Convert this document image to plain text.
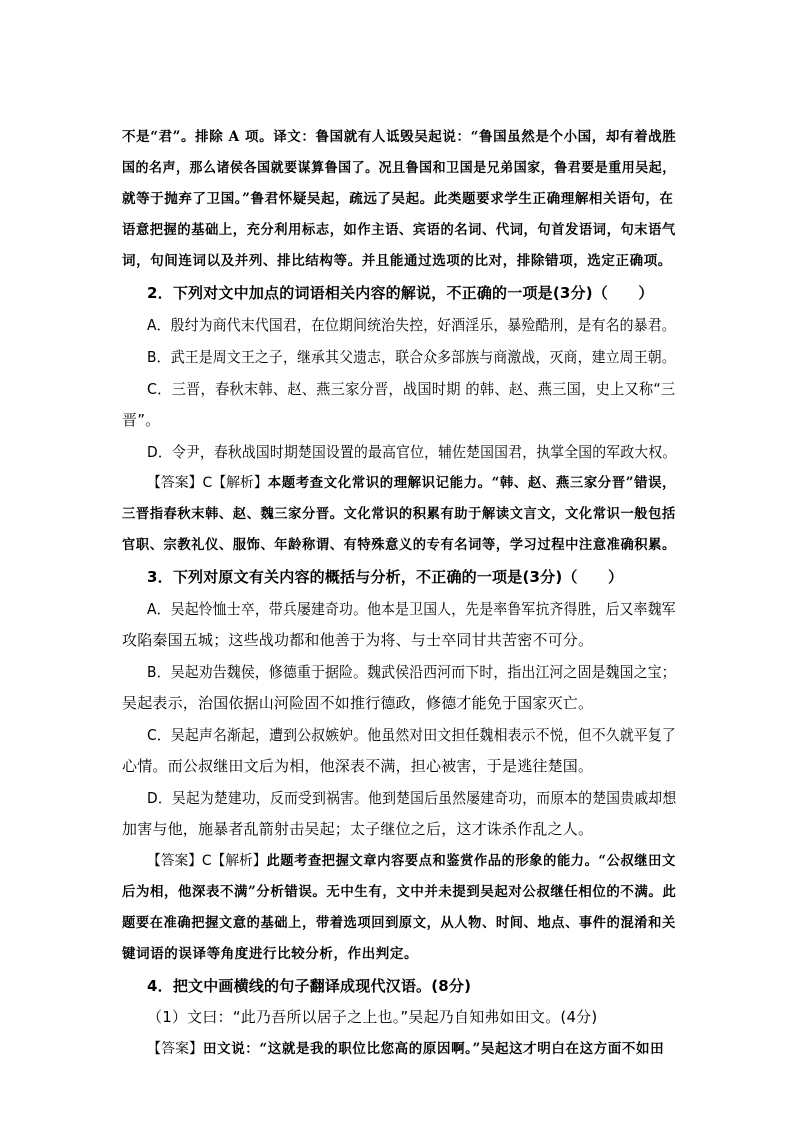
不是“君”。排除 A 项。译文：鲁国就有人诋毁吴起说：“鲁国虽然是个小国，却有着战胜
国的名声，那么诸侯各国就要谋算鲁国了。况且鲁国和卫国是兄弟国家，鲁君要是重用吴起，
就等于抛弃了卫国。”鲁君怀疑吴起，疏远了吴起。此类题要求学生正确理解相关语句，在
语意把握的基础上，充分利用标志，如作主语、宾语的名词、代词，句首发语词，句末语气
词，句间连词以及并列、排比结构等。并且能通过选项的比对，排除错项，选定正确项。
2．下列对文中加点的词语相关内容的解说，不正确的一项是(3分)（　　）
A．殷纣为商代末代国君，在位期间统治失控，好酒淫乐，暴殓酷刑，是有名的暴君。
B．武王是周文王之子，继承其父遗志，联合众多部族与商激战，灭商，建立周王朝。
C．三晋，春秋末韩、赵、燕三家分晋，战国时期 的韩、赵、燕三国，史上又称“三
晋”。
D．令尹，春秋战国时期楚国设置的最高官位，辅佐楚国国君，执掌全国的军政大权。
【答案】C【解析】本题考查文化常识的理解识记能力。“韩、赵、燕三家分晋”错误，
三晋指春秋末韩、赵、魏三家分晋。文化常识的积累有助于解读文言文，文化常识一般包括
官职、宗教礼仪、服饰、年龄称谓、有特殊意义的专有名词等，学习过程中注意准确积累。
3．下列对原文有关内容的概括与分析，不正确的一项是(3分)（　　）
A．吴起怜恤士卒，带兵屡建奇功。他本是卫国人，先是率鲁军抗齐得胜，后又率魏军
攻陷秦国五城；这些战功都和他善于为将、与士卒同甘共苦密不可分。
B．吴起劝告魏侯，修德重于据险。魏武侯沿西河而下时，指出江河之固是魏国之宝；
吴起表示，治国依据山河险固不如推行德政，修德才能免于国家灭亡。
C．吴起声名渐起，遭到公叔嫉妒。他虽然对田文担任魏相表示不悦，但不久就平复了
心情。而公叔继田文后为相，他深表不满，担心被害，于是逃往楚国。
D．吴起为楚建功，反而受到祸害。他到楚国后虽然屡建奇功，而原本的楚国贵戚却想
加害与他，施暴者乱箭射击吴起；太子继位之后，这才诛杀作乱之人。
【答案】C【解析】此题考查把握文章内容要点和鉴赏作品的形象的能力。“公叔继田文
后为相，他深表不满”分析错误。无中生有，文中并未提到吴起对公叔继任相位的不满。此
题要在准确把握文意的基础上，带着选项回到原文，从人物、时间、地点、事件的混淆和关
键词语的误译等角度进行比较分析，作出判定。
4．把文中画横线的句子翻译成现代汉语。(8分)
（1）文曰：“此乃吾所以居子之上也。”吴起乃自知弗如田文。(4分)
【答案】田文说：“这就是我的职位比您高的原因啊。”吴起这才明白在这方面不如田
